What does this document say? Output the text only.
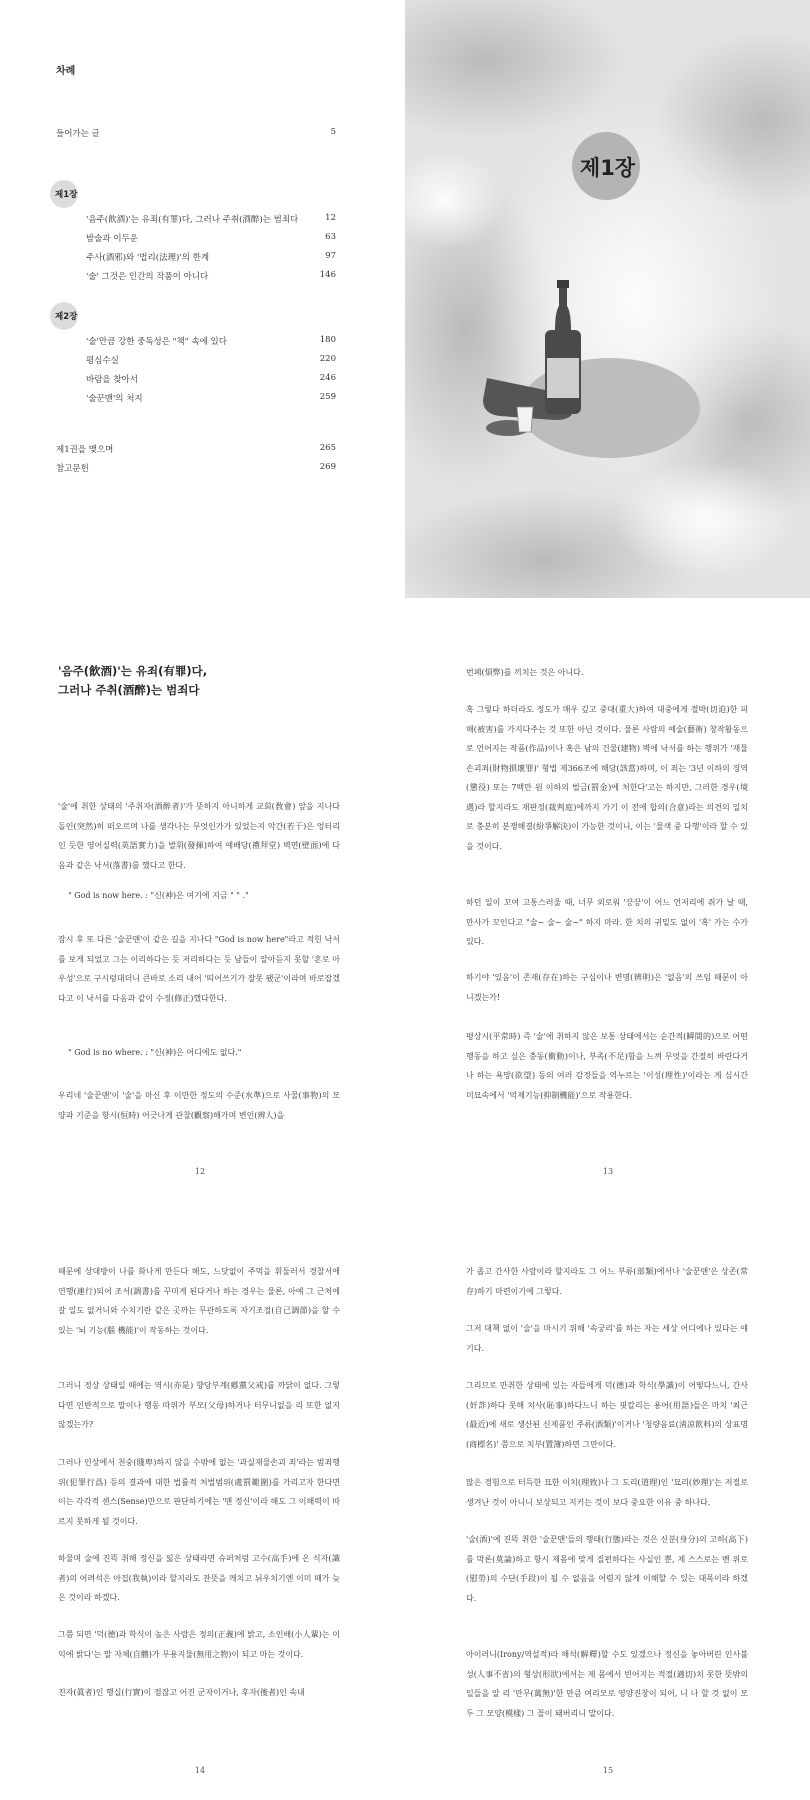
차례
들어가는 글	5
제1장
'음주(飮酒)'는 유죄(有罪)다, 그러나 주취(酒醉)는 범죄다	12
밤술과 이두운	63
주사(酒邪)와 '법리(法理)'의 한계	97
'술' 그것은 인간의 작품이 아니다	146
제2장
'술'만큼 강한 중독성은 "책" 속에 있다	180
평심수실	220
바람을 찾아서	246
'술꾼맨'의 처지	259
제1권을 맺으며	265
참고문헌	269
제1장
'음주(飮酒)'는 유죄(有罪)다,
그러나 주취(酒醉)는 범죄다
'술'에 취한 상태의 '주취자(酒醉者)'가 뜻하지 아니하게 교회(敎會) 앞을 지나다 돌인(突然)히 떠오르며 나를 생각나는 무엇인가가 있었는지 악간(若干)은 엉터리인 듯한 영어실력(英語實力)을 발휘(發揮)하여 예배당(禮拜堂) 벽면(壁面)에 다음과 같은 낙서(落書)를 했다고 한다.
" God is now here. : "신(神)은 여기에 지금 " " ."
잠시 후 또 다른 '술꾼맨'이 같은 길을 지나다 "God is now here"라고 적힌 낙서를 보게 되었고 그는 이리하다는 듯 저리하다는 듯 남들이 알아듣지 못할 '혼로 아우성'으로 구시렁대더니 큰바로 소리 내어 '띄어쓰기가 잘못 됐군'이라며 바로잡겠다고 이 낙서를 다음과 같이 수정(修正)했다한다.
" God is no where. : "신(神)은 어디에도 없다."
우리네 '술꾼맨'이 '술'을 마신 후 이만한 정도의 수준(水準)으로 사물(事物)의 모양과 기준을 항시(恒時) 어긋나게 관찰(觀察)해가며 변인(辨人)을
12
번폐(煩弊)를 끼치는 것은 아니다.
혹 그렇다 하더라도 정도가 매우 깊고 중대(重大)하여 대중에게 절박(切迫)한 피해(被害)를 가지다주는 것 또한 아닌 것이다. 물론 사람의 예술(藝術) 창작활동으로 언어지는 작품(作品)이나 혹은 남의 건물(建物) 벽에 낙서를 하는 행위가 '재물손괴죄(財物損壞罪)' 형법 제366조에 해당(該當)하며, 이 죄는 '3년 이하의 징역(懲役) 또는 7백만 원 이하의 벌금(罰金)에 처한다'고는 하지만, 그러한 경우(境遇)라 할지라도 재판정(裁判庭)에까지 가기 이 전에 합의(合意)라는 의견의 일치로 충분히 분쟁해결(紛爭解決)이 가능한 것이니, 이는 '물색 중 다행'이라 할 수 있을 것이다.
하던 일이 꼬여 고통스러울 때, 너무 외로워 '끙끙'이 어느 언저리에 쥐가 날 때, 만사가 꼬인다고 "술~ 술~ 술~" 하지 마라. 한 치의 귀밑도 없이 '혹' 가는 수가 있다.
하기야 '있음'이 존재(存在)하는 구심이나 변명(辨明)은 '없음'의 쓰임 때문이 아니겠는가!
평상시(平常時) 즉 '술'에 취하지 않은 보통 상태에서는 순간적(瞬間的)으로 어떤 행동을 하고 싶은 충동(衝動)이나, 부족(不足)함을 느껴 무엇을 간절히 바란다거나 하는 욕망(欲望) 등의 여러 감정들을 억누르는 '이성(理性)'이라는 게 심시간 미묘속에서 '억제기능(抑制機能)'으로 작용한다.
13
때문에 상대방이 나를 화나게 만든다 해도, 느닷없이 주먹을 휘둘러서 경찰서에 연행(連行)되어 조서(調書)를 꾸미게 된다거나 하는 경우는 물론, 아예 그 근처에 갈 일도 없거니와 수치기란 같은 곳까는 무관하도록 자기조절(自己調節)을 할 수 있는 '뇌 기능(腦 機能)'이 작동하는 것이다.
그러니 정상 상태일 때에는 역시(亦是) 향당부계(鄕黨父戒)를 까닭이 없다. 그렇다면 인반적으로 말이나 행동 따위가 부모(父母)하거나 터무니없을 리 또한 없지 않겠는가?
그러나 인상에서 천숭(賤卑)하지 않을 수밖에 없는 '과실재물손괴 죄'라는 범죄행위(犯罪行爲) 등의 결과에 대한 법률적 처벌범위(處罰範圍)를 가리고자 한다면 이는 각각적 센스(Sense)만으로 판단하기에는 '맨 정신'이라 해도 그 이해력이 따르지 못하게 될 것이다.
하물며 술에 진뜩 취해 정신을 잃은 상태라면 슈퍼처럼 고수(高手)에 온 식자(識者)의 어려석은 아집(我執)이라 할지라도 잔뜻을 깨치고 뉘우치기엔 이미 때가 늦은 것이라 하겠다.
그쯤 되면 '덕(德)과 학식이 높은 사람은 정의(正義)에 밝고, 소인배(小人輩)는 이익에 밝다'는 말 자체(自體)가 무용지물(無用之物)이 되고 마는 것이다.
진자(眞者)인 행실(行實)이 점잖고 어진 군자이거나, 후자(後者)인 속내
14
가 좁고 간사한 사람이라 할지라도 그 어느 부류(部類)에서나 '술꾼맨'은 상존(常存)하기 마련이기에 그렇다.
그저 대책 없이 '술'을 마시기 위해 '속궁리'를 하는 자는 세상 어디에나 있다는 얘기다.
그리므로 만취한 상태에 있는 자들에게 덕(德)과 학식(學識)이 어떻다느니, 간사(奸詐)하다 못해 치사(恥事)하다느니 하는 핏칼리는 용어(用語)들은 마치 '최근(最近)에 새로 생산된 신제품인 주류(酒類)'이거나 '청량음료(淸凉飮料)의 상표명(商標名)' 쯤으로 치부(置簿)하면 그만이다.
많은 경험으로 터득한 묘한 이치(理致)나 그 도리(道理)인 '묘리(妙理)'는 저절로 생겨난 것이 아니니 보상되고 지키는 것이 보다 중요한 이유 중 하나다.
'술(酒)'에 진뜩 취한 '술꾼맨'들의 행태(行態)라는 것은 신분(身分)의 고하(高下)를 막론(莫論)하고 항시 제몸에 맞게 질펀하다는 사실인 뿐, 제 스스로는 벤 위로(慰勞)의 수단(手段)이 될 수 없음을 어렴지 않게 이해할 수 있는 대목이라 하겠다.
아이러니(Irony/역설적)라 해석(解釋)할 수도 있겠으나 정신을 놓아버린 인사불성(人事不省)의 형상(形狀)에서는 제 몸에서 빈어지는 적절(適切)치 못한 뜻밖의 일들을 알 리 '만무(萬無)'한 만큼 여리모로 영양진창이 되어, 니 나 할 것 없이 모두 그 모양(模樣) 그 꼴이 돼버리니 말이다.
15
